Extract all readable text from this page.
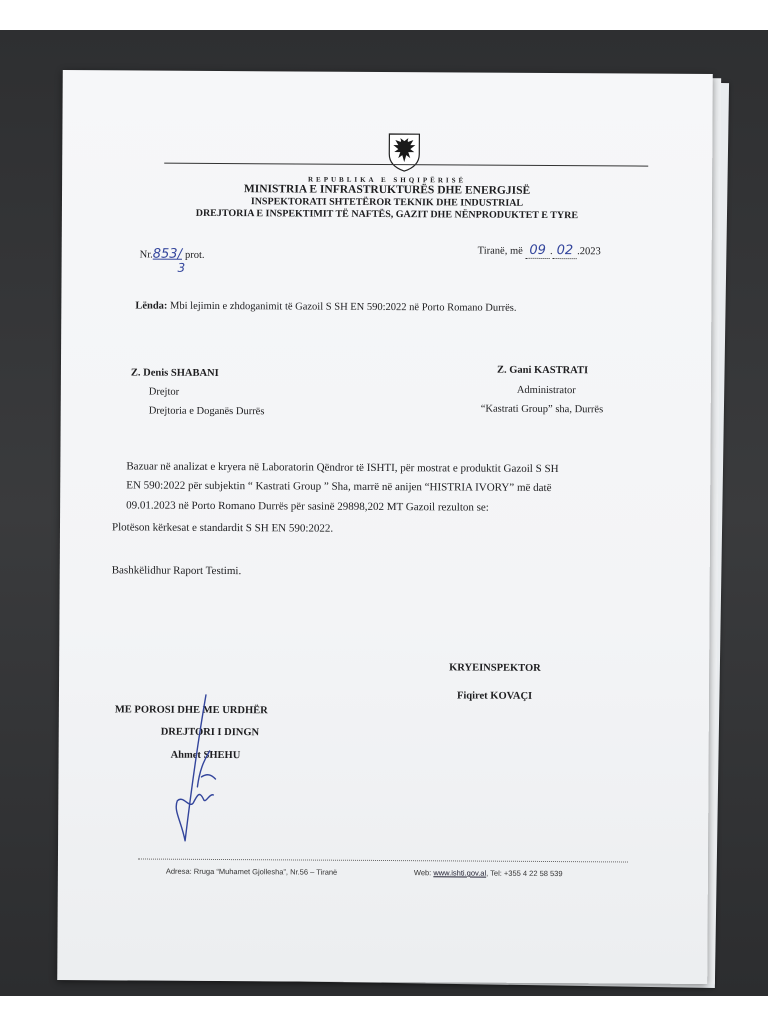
REPUBLIKA E SHQIPËRISË
MINISTRIA E INFRASTRUKTURËS DHE ENERGJISË
INSPEKTORATI SHTETËROR TEKNIK DHE INDUSTRIAL
DREJTORIA E INSPEKTIMIT TË NAFTËS, GAZIT DHE NËNPRODUKTET E TYRE
Nr.853/ prot.
3
Tiranë, më 09 . 02 .2023
Lënda: Mbi lejimin e zhdoganimit të Gazoil S SH EN 590:2022 në Porto Romano Durrës.
Z. Denis SHABANI
Drejtor
Drejtoria e Doganës Durrës
Z. Gani KASTRATI
Administrator
“Kastrati Group” sha, Durrës
Bazuar në analizat e kryera në Laboratorin Qëndror të ISHTI, për mostrat e produktit Gazoil S SH
EN 590:2022 për subjektin “ Kastrati Group ” Sha, marrë në anijen “HISTRIA IVORY” më datë
09.01.2023 në Porto Romano Durrës për sasinë 29898,202 MT Gazoil rezulton se:
Plotëson kërkesat e standardit S SH EN 590:2022.
Bashkëlidhur Raport Testimi.
KRYEINSPEKTOR
Fiqiret KOVAÇI
ME POROSI DHE ME URDHËR
DREJTORI I DINGN
Ahmet SHEHU
Adresa: Rruga “Muhamet Gjollesha”, Nr.56 – Tiranë	Web: www.ishti.gov.al, Tel: +355 4 22 58 539
